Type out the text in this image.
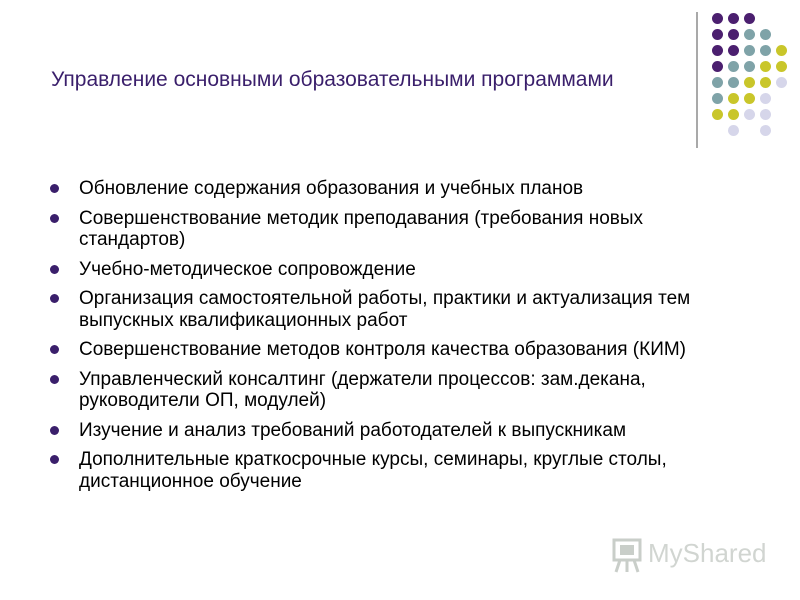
Управление основными образовательными программами
Обновление содержания образования и учебных планов
Совершенствование методик преподавания (требования новых стандартов)
Учебно-методическое сопровождение
Организация самостоятельной работы, практики и актуализация тем выпускных квалификационных работ
Совершенствование методов контроля качества образования (КИМ)
Управленческий консалтинг (держатели процессов: зам.декана, руководители ОП, модулей)
Изучение и анализ требований работодателей к выпускникам
Дополнительные краткосрочные курсы, семинары, круглые столы, дистанционное обучение
MyShared
